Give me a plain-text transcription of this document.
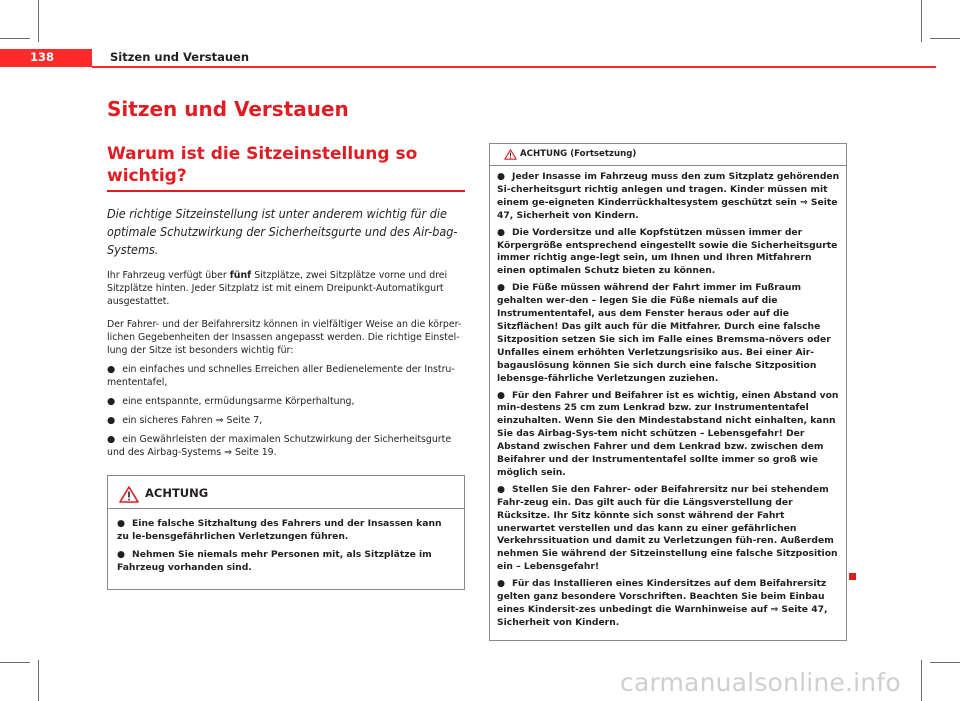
138	Sitzen und Verstauen
Sitzen und Verstauen
Warum ist die Sitzeinstellung so wichtig?
Die richtige Sitzeinstellung ist unter anderem wichtig für die optimale Schutzwirkung der Sicherheitsgurte und des Air-bag-Systems.

Ihr Fahrzeug verfügt über fünf Sitzplätze, zwei Sitzplätze vorne und drei Sitzplätze hinten. Jeder Sitzplatz ist mit einem Dreipunkt-Automatikgurt ausgestattet.

Der Fahrer- und der Beifahrersitz können in vielfältiger Weise an die körper-lichen Gegebenheiten der Insassen angepasst werden. Die richtige Einstel-lung der Sitze ist besonders wichtig für:

● ein einfaches und schnelles Erreichen aller Bedienelemente der Instru-mententafel,
● eine entspannte, ermüdungsarme Körperhaltung,
● ein sicheres Fahren ⇒ Seite 7,
● ein Gewährleisten der maximalen Schutzwirkung der Sicherheitsgurte und des Airbag-Systems ⇒ Seite 19.
ACHTUNG
● Eine falsche Sitzhaltung des Fahrers und der Insassen kann zu le-bensgefährlichen Verletzungen führen.
● Nehmen Sie niemals mehr Personen mit, als Sitzplätze im Fahrzeug vorhanden sind.
ACHTUNG (Fortsetzung)
● Jeder Insasse im Fahrzeug muss den zum Sitzplatz gehörenden Si-cherheitsgurt richtig anlegen und tragen. Kinder müssen mit einem ge-eigneten Kinderrückhaltesystem geschützt sein ⇒ Seite 47, Sicherheit von Kindern.
● Die Vordersitze und alle Kopfstützen müssen immer der Körpergröße entsprechend eingestellt sowie die Sicherheitsgurte immer richtig ange-legt sein, um Ihnen und Ihren Mitfahrern einen optimalen Schutz bieten zu können.
● Die Füße müssen während der Fahrt immer im Fußraum gehalten wer-den – legen Sie die Füße niemals auf die Instrumententafel, aus dem Fenster heraus oder auf die Sitzflächen! Das gilt auch für die Mitfahrer. Durch eine falsche Sitzposition setzen Sie sich im Falle eines Bremsma-növers oder Unfalles einem erhöhten Verletzungsrisiko aus. Bei einer Air-bagauslösung können Sie sich durch eine falsche Sitzposition lebensge-fährliche Verletzungen zuziehen.
● Für den Fahrer und Beifahrer ist es wichtig, einen Abstand von min-destens 25 cm zum Lenkrad bzw. zur Instrumententafel einzuhalten. Wenn Sie den Mindestabstand nicht einhalten, kann Sie das Airbag-Sys-tem nicht schützen – Lebensgefahr! Der Abstand zwischen Fahrer und dem Lenkrad bzw. zwischen dem Beifahrer und der Instrumententafel sollte immer so groß wie möglich sein.
● Stellen Sie den Fahrer- oder Beifahrersitz nur bei stehendem Fahr-zeug ein. Das gilt auch für die Längsverstellung der Rücksitze. Ihr Sitz könnte sich sonst während der Fahrt unerwartet verstellen und das kann zu einer gefährlichen Verkehrssituation und damit zu Verletzungen füh-ren. Außerdem nehmen Sie während der Sitzeinstellung eine falsche Sitzposition ein – Lebensgefahr!
● Für das Installieren eines Kindersitzes auf dem Beifahrersitz gelten ganz besondere Vorschriften. Beachten Sie beim Einbau eines Kindersit-zes unbedingt die Warnhinweise auf ⇒ Seite 47, Sicherheit von Kindern.
carmanualsonline.info
